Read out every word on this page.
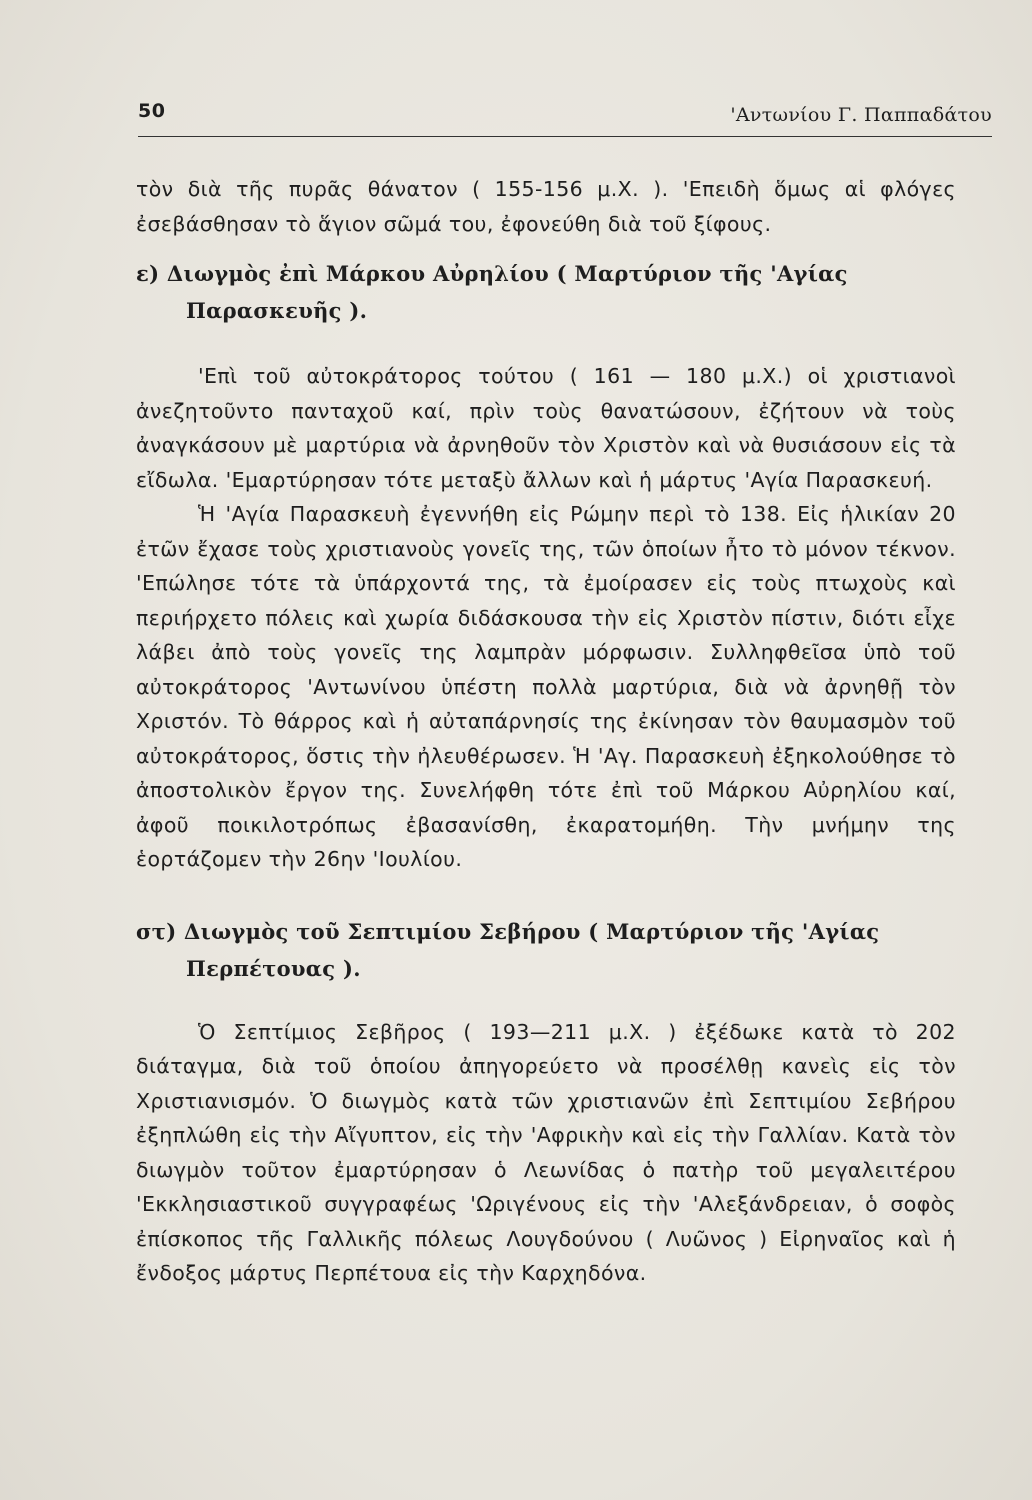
50	'Αντωνίου Γ. Παππαδάτου

τὸν διὰ τῆς πυρᾶς θάνατον ( 155-156 μ.Χ. ). 'Επειδὴ ὅμως αἱ φλόγες ἐσεβάσθησαν τὸ ἅγιον σῶμά του, ἐφονεύθη διὰ τοῦ ξίφους.

ε) Διωγμὸς ἐπὶ Μάρκου Αὐρηλίου ( Μαρτύριον τῆς 'Αγίας Παρασκευῆς ).

'Επὶ τοῦ αὐτοκράτορος τούτου ( 161 — 180 μ.Χ.) οἱ χριστιανοὶ ἀνεζητοῦντο πανταχοῦ καί, πρὶν τοὺς θανατώσουν, ἐζήτουν νὰ τοὺς ἀναγκάσουν μὲ μαρτύρια νὰ ἀρνηθοῦν τὸν Χριστὸν καὶ νὰ θυσιάσουν εἰς τὰ εἴδωλα. 'Εμαρτύρησαν τότε μεταξὺ ἄλλων καὶ ἡ μάρτυς 'Αγία Παρασκευή.

Ἡ 'Αγία Παρασκευὴ ἐγεννήθη εἰς Ρώμην περὶ τὸ 138. Εἰς ἡλικίαν 20 ἐτῶν ἔχασε τοὺς χριστιανοὺς γονεῖς της, τῶν ὁποίων ἦτο τὸ μόνον τέκνον. 'Επώλησε τότε τὰ ὑπάρχοντά της, τὰ ἐμοίρασεν εἰς τοὺς πτωχοὺς καὶ περιήρχετο πόλεις καὶ χωρία διδάσκουσα τὴν εἰς Χριστὸν πίστιν, διότι εἶχε λάβει ἀπὸ τοὺς γονεῖς της λαμπρὰν μόρφωσιν. Συλληφθεῖσα ὑπὸ τοῦ αὐτοκράτορος 'Αντωνίνου ὑπέστη πολλὰ μαρτύρια, διὰ νὰ ἀρνηθῇ τὸν Χριστόν. Τὸ θάρρος καὶ ἡ αὐταπάρνησίς της ἐκίνησαν τὸν θαυμασμὸν τοῦ αὐτοκράτορος, ὅστις τὴν ἠλευθέρωσεν. Ἡ 'Αγ. Παρασκευὴ ἐξηκολούθησε τὸ ἀποστολικὸν ἔργον της. Συνελήφθη τότε ἐπὶ τοῦ Μάρκου Αὐρηλίου καί, ἀφοῦ ποικιλοτρόπως ἐβασανίσθη, ἐκαρατομήθη. Τὴν μνήμην της ἑορτάζομεν τὴν 26ην 'Ιουλίου.

στ) Διωγμὸς τοῦ Σεπτιμίου Σεβήρου ( Μαρτύριον τῆς 'Αγίας Περπέτουας ).

Ὁ Σεπτίμιος Σεβῆρος ( 193—211 μ.Χ. ) ἐξέδωκε κατὰ τὸ 202 διάταγμα, διὰ τοῦ ὁποίου ἀπηγορεύετο νὰ προσέλθῃ κανεὶς εἰς τὸν Χριστιανισμόν. Ὁ διωγμὸς κατὰ τῶν χριστιανῶν ἐπὶ Σεπτιμίου Σεβήρου ἐξηπλώθη εἰς τὴν Αἴγυπτον, εἰς τὴν 'Αφρικὴν καὶ εἰς τὴν Γαλλίαν. Κατὰ τὸν διωγμὸν τοῦτον ἐμαρτύρησαν ὁ Λεωνίδας ὁ πατὴρ τοῦ μεγαλειτέρου 'Εκκλησιαστικοῦ συγγραφέως 'Ωριγένους εἰς τὴν 'Αλεξάνδρειαν, ὁ σοφὸς ἐπίσκοπος τῆς Γαλλικῆς πόλεως Λουγδούνου ( Λυῶνος ) Εἰρηναῖος καὶ ἡ ἔνδοξος μάρτυς Περπέτουα εἰς τὴν Καρχηδόνα.
